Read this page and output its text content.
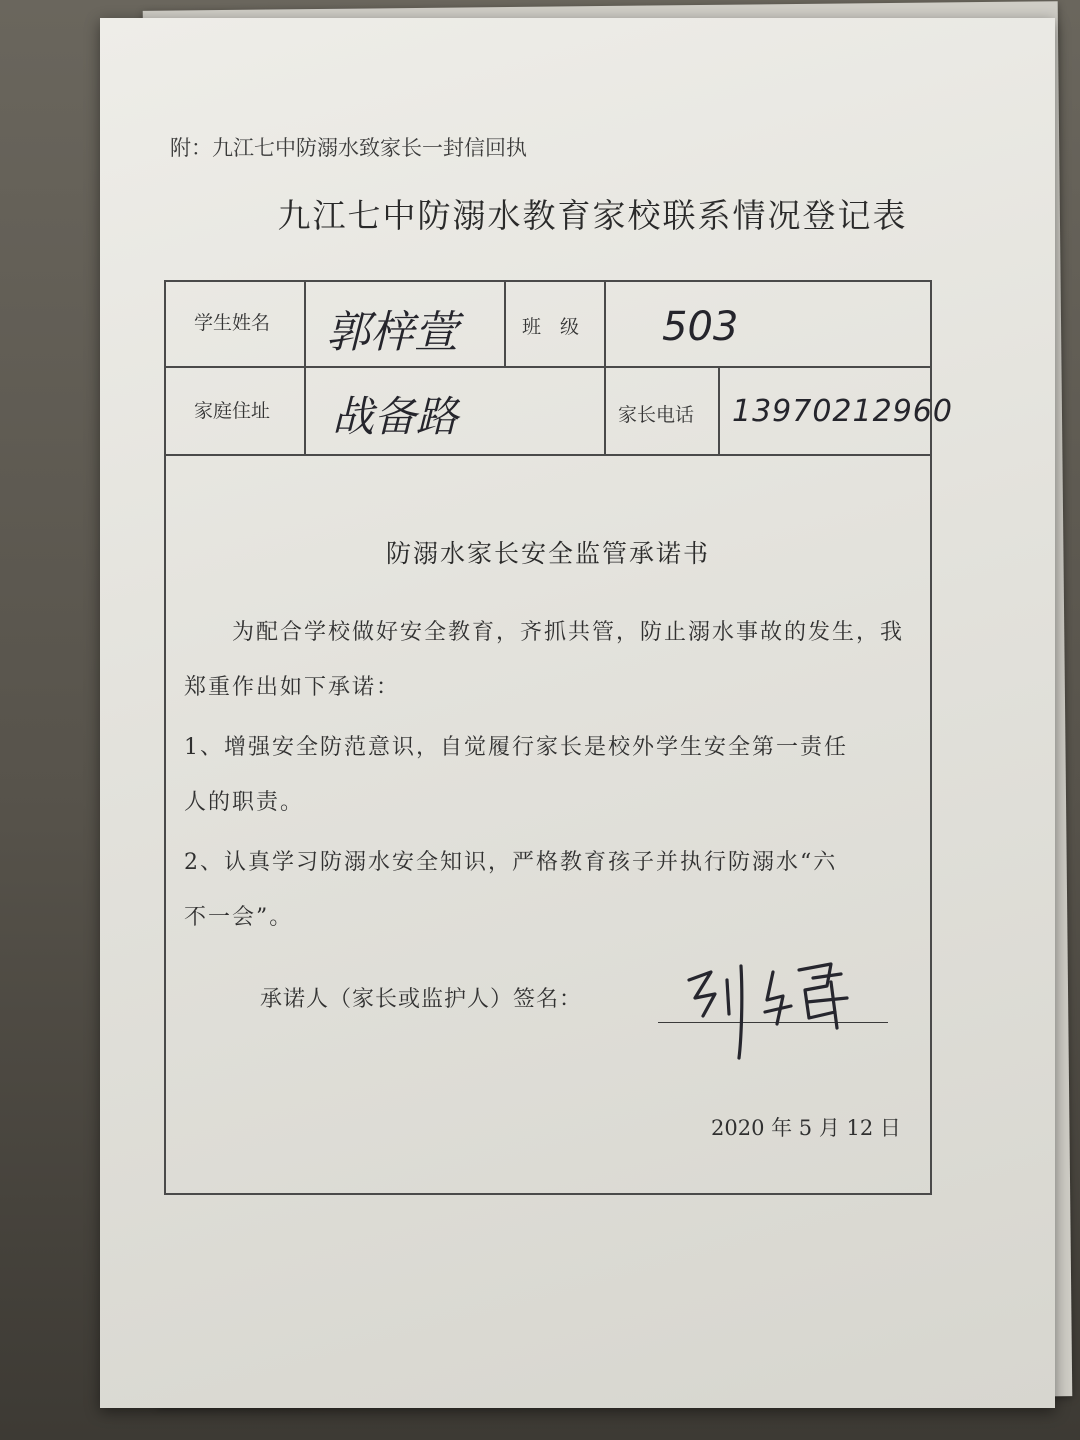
附：九江七中防溺水致家长一封信回执
九江七中防溺水教育家校联系情况登记表
学生姓名 郭梓萱	班　级 503
家庭住址 战备路	家长电话 13970212960
防溺水家长安全监管承诺书
　　为配合学校做好安全教育，齐抓共管，防止溺水事故的发生，我
郑重作出如下承诺：
1、增强安全防范意识，自觉履行家长是校外学生安全第一责任
人的职责。
2、认真学习防溺水安全知识，严格教育孩子并执行防溺水“六
不一会”。
承诺人（家长或监护人）签名：
2020 年 5 月 12 日
